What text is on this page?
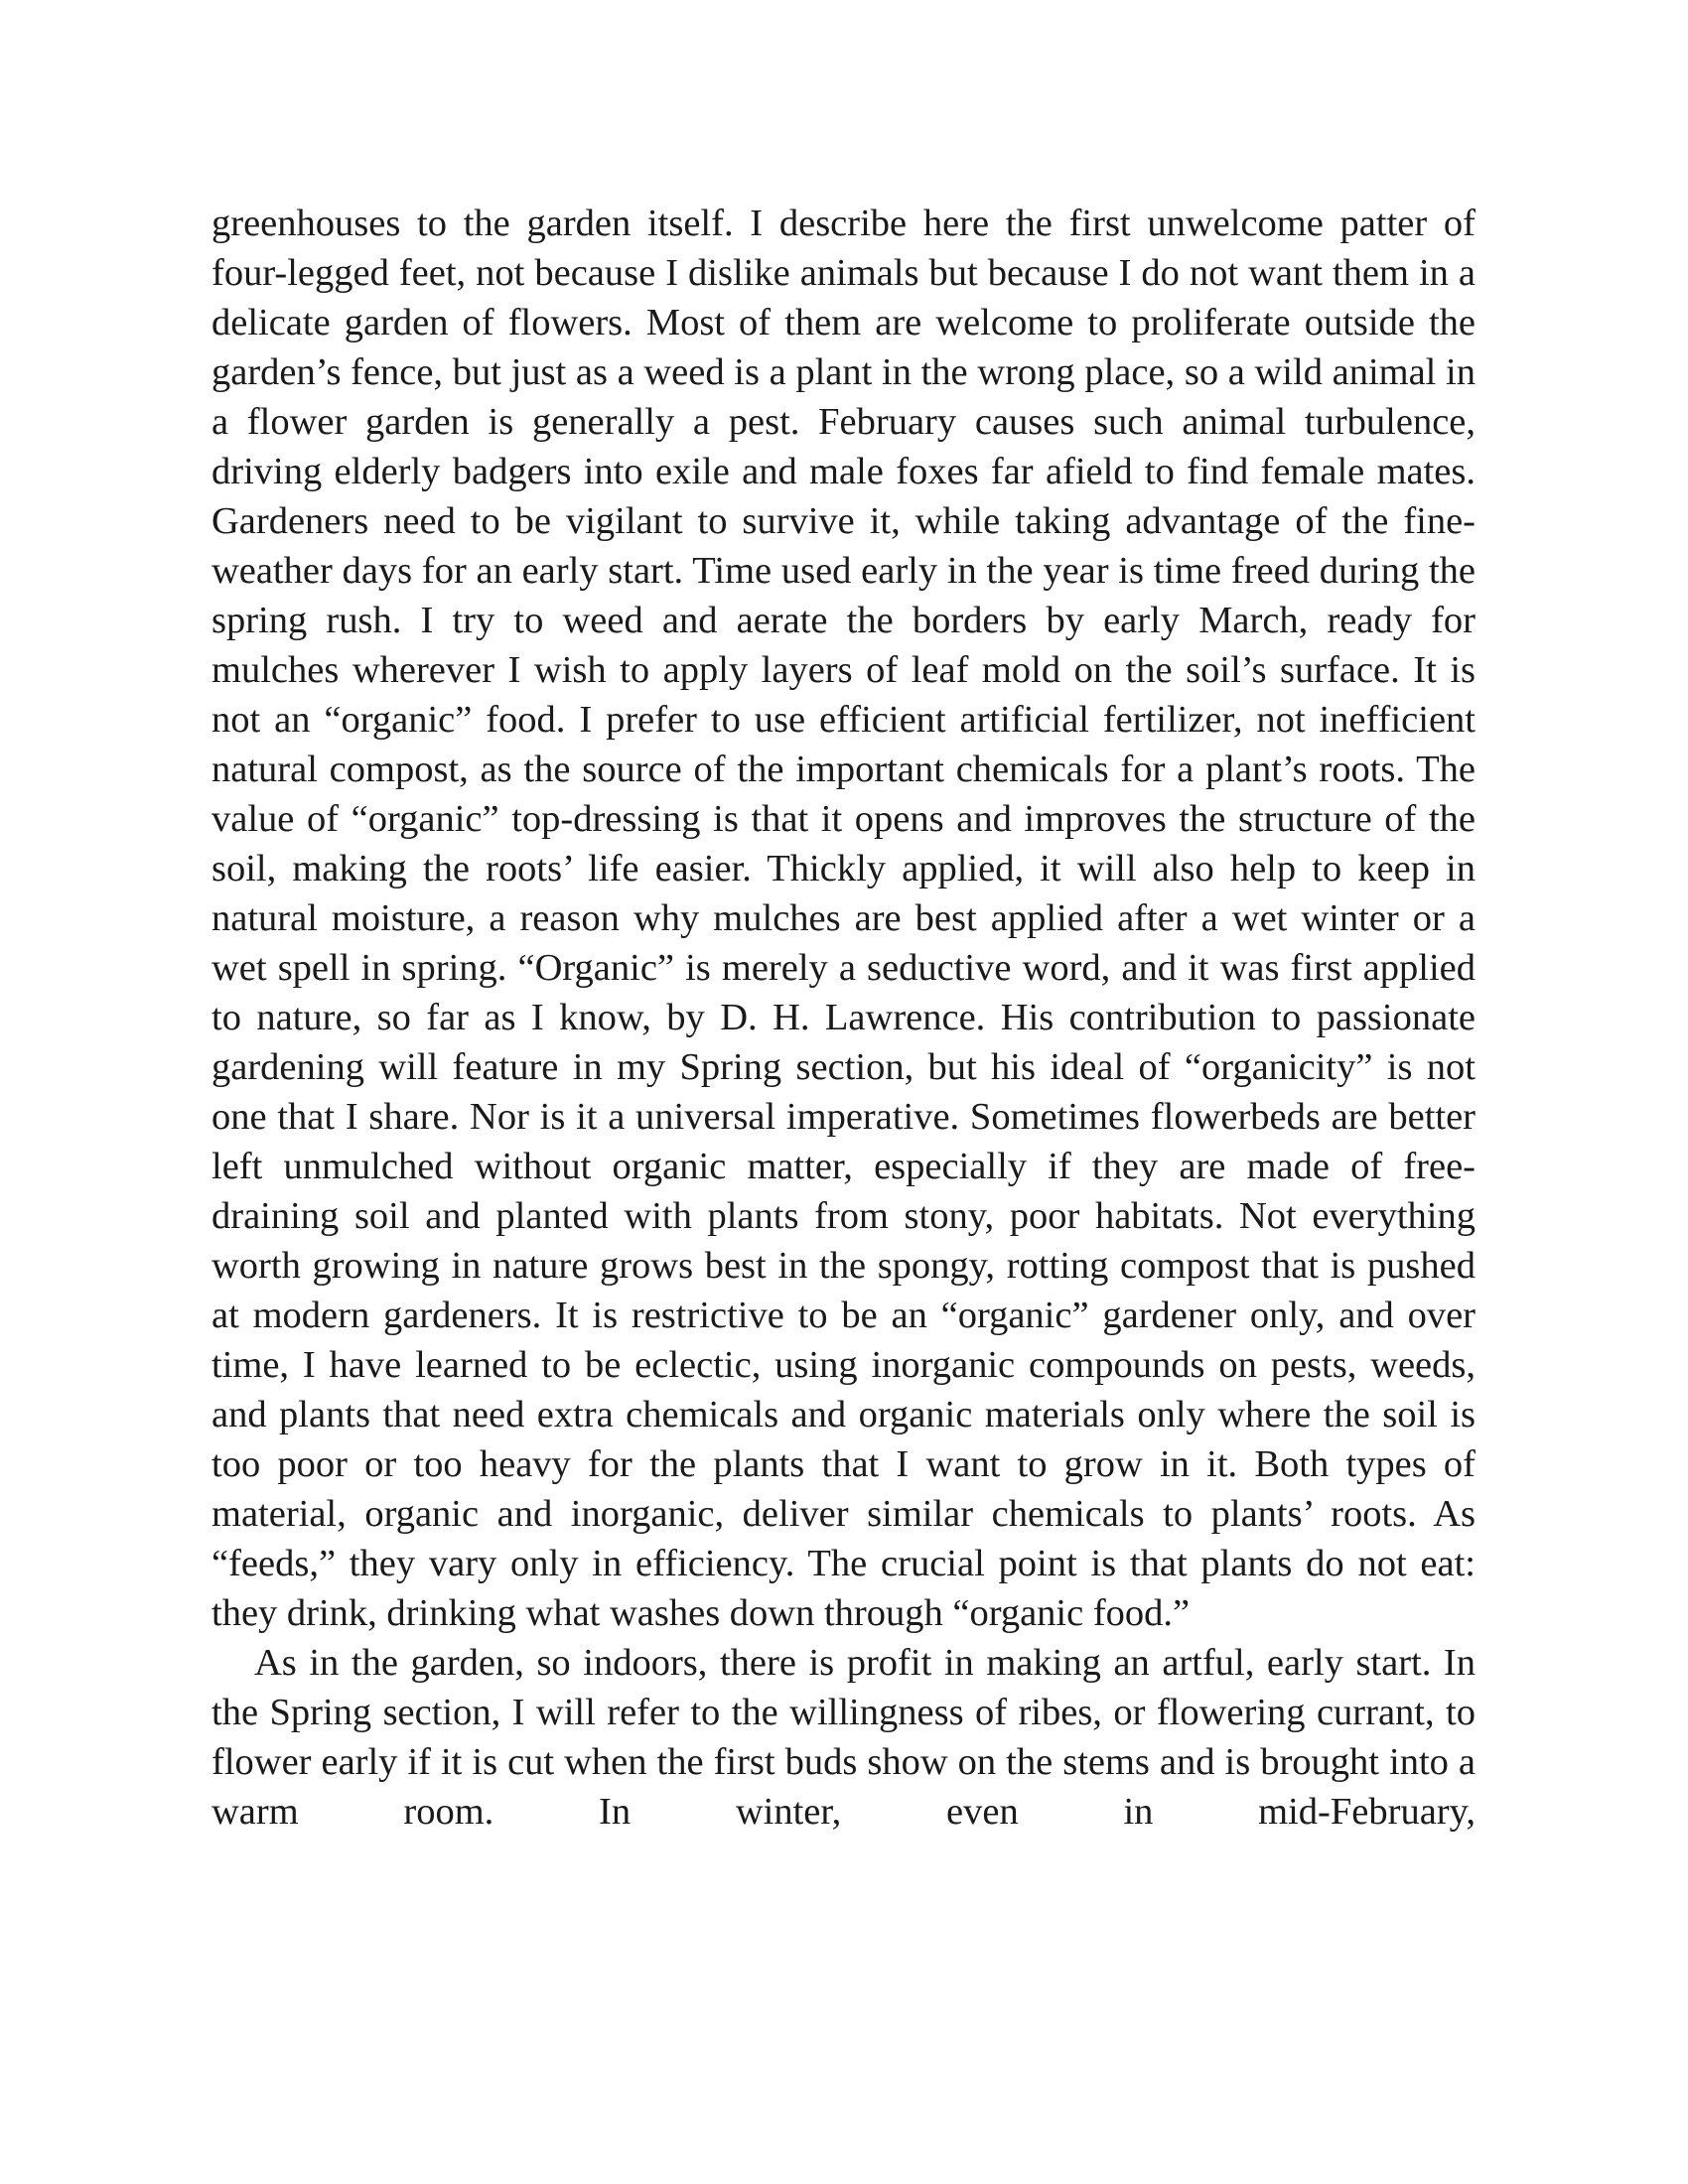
greenhouses to the garden itself. I describe here the first unwelcome patter of four-legged feet, not because I dislike animals but because I do not want them in a delicate garden of flowers. Most of them are welcome to proliferate outside the garden’s fence, but just as a weed is a plant in the wrong place, so a wild animal in a flower garden is generally a pest. February causes such animal turbulence, driving elderly badgers into exile and male foxes far afield to find female mates. Gardeners need to be vigilant to survive it, while taking advantage of the fine-weather days for an early start. Time used early in the year is time freed during the spring rush. I try to weed and aerate the borders by early March, ready for mulches wherever I wish to apply layers of leaf mold on the soil’s surface. It is not an “organic” food. I prefer to use efficient artificial fertilizer, not inefficient natural compost, as the source of the important chemicals for a plant’s roots. The value of “organic” top-dressing is that it opens and improves the structure of the soil, making the roots’ life easier. Thickly applied, it will also help to keep in natural moisture, a reason why mulches are best applied after a wet winter or a wet spell in spring. “Organic” is merely a seductive word, and it was first applied to nature, so far as I know, by D. H. Lawrence. His contribution to passionate gardening will feature in my Spring section, but his ideal of “organicity” is not one that I share. Nor is it a universal imperative. Sometimes flowerbeds are better left unmulched without organic matter, especially if they are made of free-draining soil and planted with plants from stony, poor habitats. Not everything worth growing in nature grows best in the spongy, rotting compost that is pushed at modern gardeners. It is restrictive to be an “organic” gardener only, and over time, I have learned to be eclectic, using inorganic compounds on pests, weeds, and plants that need extra chemicals and organic materials only where the soil is too poor or too heavy for the plants that I want to grow in it. Both types of material, organic and inorganic, deliver similar chemicals to plants’ roots. As “feeds,” they vary only in efficiency. The crucial point is that plants do not eat: they drink, drinking what washes down through “organic food.”

As in the garden, so indoors, there is profit in making an artful, early start. In the Spring section, I will refer to the willingness of ribes, or flowering currant, to flower early if it is cut when the first buds show on the stems and is brought into a warm room. In winter, even in mid-February,
